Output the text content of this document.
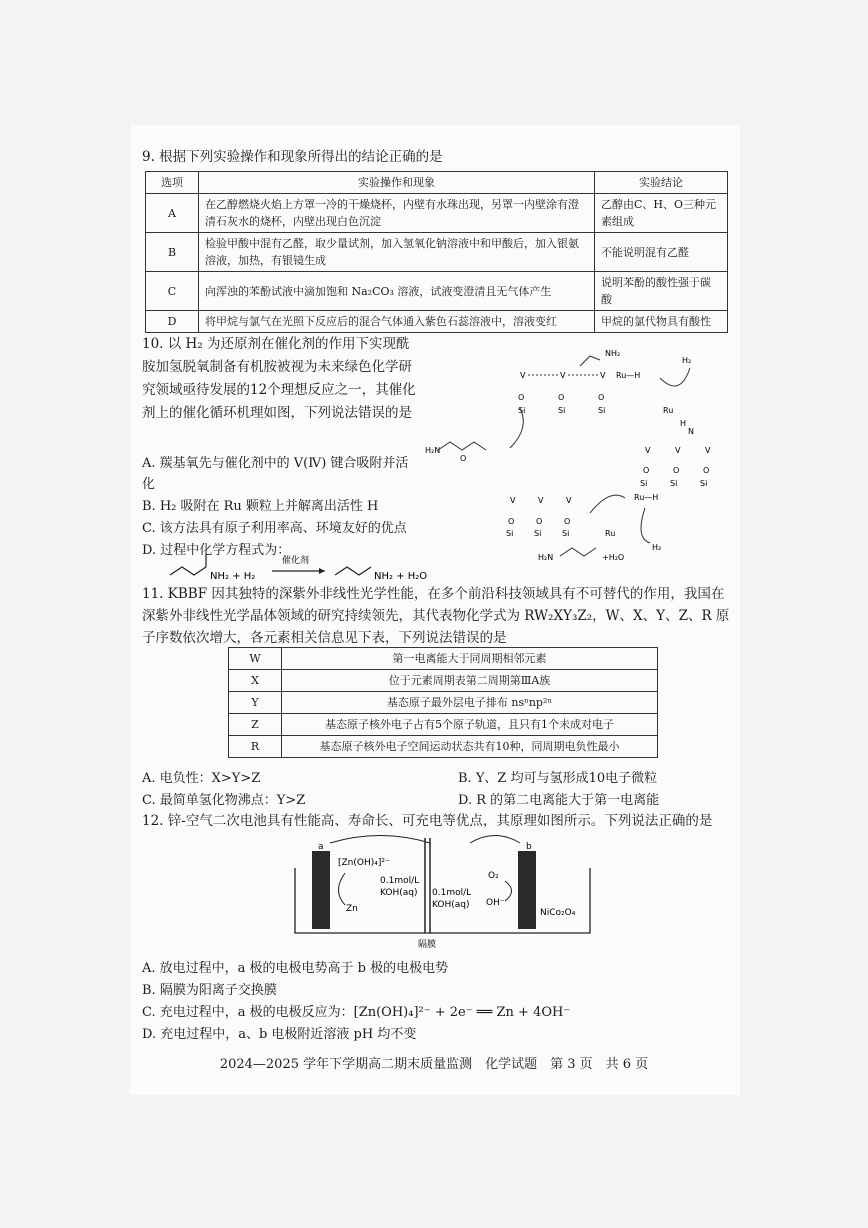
9. 根据下列实验操作和现象所得出的结论正确的是
选项	实验操作和现象	实验结论
A	在乙醇燃烧火焰上方罩一冷的干燥烧杯，内壁有水珠出现，另罩一内壁涂有澄清石灰水的烧杯，内壁出现白色沉淀	乙醇由C、H、O三种元素组成
B	检验甲酸中混有乙醛，取少量试剂，加入氢氧化钠溶液中和甲酸后，加入银氨溶液，加热，有银镜生成	不能说明混有乙醛
C	向浑浊的苯酚试液中滴加饱和 Na₂CO₃ 溶液，试液变澄清且无气体产生	说明苯酚的酸性强于碳酸
D	将甲烷与氯气在光照下反应后的混合气体通入紫色石蕊溶液中，溶液变红	甲烷的氯代物具有酸性
10. 以 H₂ 为还原剂在催化剂的作用下实现酰胺加氢脱氧制备有机胺被视为未来绿色化学研究领域亟待发展的12个理想反应之一，其催化剂上的催化循环机理如图，下列说法错误的是
A. 羰基氧先与催化剂中的 V(Ⅳ) 键合吸附并活化
B. H₂ 吸附在 Ru 颗粒上并解离出活性 H
C. 该方法具有原子利用率高、环境友好的优点
D. 过程中化学方程式为：
NH₂ + H₂
催化剂
NH₂ + H₂O
V	V	V
O	O	O
Si	Si	Si
NH₂
Ru—H
H₂
Ru
N
H
V	V	V
O	O	O
Si	Si	Si
H₂N
O
V	V	V
O	O	O
Si	Si	Si
Ru—H
Ru
H₂
H₂N	+H₂O
11. KBBF 因其独特的深紫外非线性光学性能，在多个前沿科技领域具有不可替代的作用，我国在深紫外非线性光学晶体领域的研究持续领先，其代表物化学式为 RW₂XY₃Z₂，W、X、Y、Z、R 原子序数依次增大，各元素相关信息见下表，下列说法错误的是
W	第一电离能大于同周期相邻元素
X	位于元素周期表第二周期第ⅢA族
Y	基态原子最外层电子排布 nsⁿnp²ⁿ
Z	基态原子核外电子占有5个原子轨道，且只有1个未成对电子
R	基态原子核外电子空间运动状态共有10种，同周期电负性最小
A. 电负性：X>Y>Z	B. Y、Z 均可与氢形成10电子微粒
C. 最简单氢化物沸点：Y>Z	D. R 的第二电离能大于第一电离能
12. 锌-空气二次电池具有性能高、寿命长、可充电等优点，其原理如图所示。下列说法正确的是
a	b
[Zn(OH)₄]²⁻
Zn
0.1mol/L
KOH(aq) 0.1mol/L
KOH(aq)
O₂
OH⁻
NiCo₂O₄
隔膜
A. 放电过程中，a 极的电极电势高于 b 极的电极电势
B. 隔膜为阳离子交换膜
C. 充电过程中，a 极的电极反应为：[Zn(OH)₄]²⁻ + 2e⁻ ══ Zn + 4OH⁻
D. 充电过程中，a、b 电极附近溶液 pH 均不变
2024—2025 学年下学期高二期末质量监测　化学试题　第 3 页　共 6 页
